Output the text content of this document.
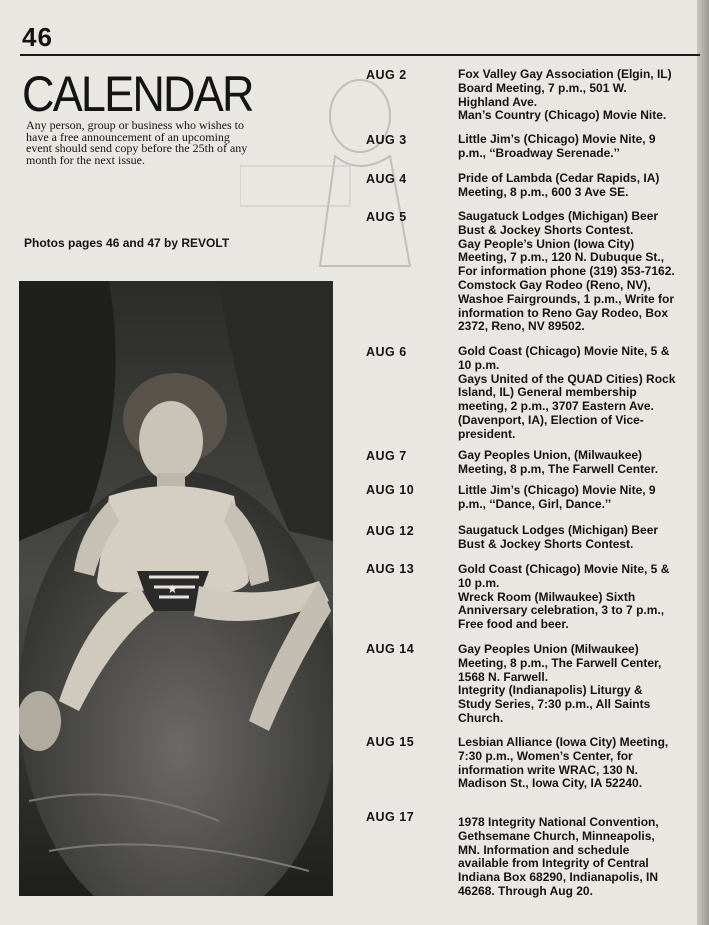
46
CALENDAR
Any person, group or business who wishes to have a free announcement of an upcoming event should send copy before the 25th of any month for the next issue.
Photos pages 46 and 47 by REVOLT
★
AUG 2	Fox Valley Gay Association (Elgin, IL) Board Meeting, 7 p.m., 501 W. Highland Ave.

Man’s Country (Chicago) Movie Nite.

AUG 3	Little Jim’s (Chicago) Movie Nite, 9 p.m., ‘‘Broadway Serenade.’’

AUG 4	Pride of Lambda (Cedar Rapids, IA) Meeting, 8 p.m., 600 3 Ave SE.

AUG 5	Saugatuck Lodges (Michigan) Beer Bust & Jockey Shorts Contest.

Gay People’s Union (Iowa City) Meeting, 7 p.m., 120 N. Dubuque St., For information phone (319) 353-7162.

Comstock Gay Rodeo (Reno, NV), Washoe Fairgrounds, 1 p.m., Write for information to Reno Gay Rodeo, Box 2372, Reno, NV 89502.

AUG 6	Gold Coast (Chicago) Movie Nite, 5 & 10 p.m.

Gays United of the QUAD Cities) Rock Island, IL) General membership meeting, 2 p.m., 3707 Eastern Ave. (Davenport, IA), Election of Vice-president.

AUG 7	Gay Peoples Union, (Milwaukee) Meeting, 8 p.m, The Farwell Center.

AUG 10	Little Jim’s (Chicago) Movie Nite, 9 p.m., ‘‘Dance, Girl, Dance.’’

AUG 12	Saugatuck Lodges (Michigan) Beer Bust & Jockey Shorts Contest.

AUG 13	Gold Coast (Chicago) Movie Nite, 5 & 10 p.m.

Wreck Room (Milwaukee) Sixth Anniversary celebration, 3 to 7 p.m., Free food and beer.

AUG 14	Gay Peoples Union (Milwaukee) Meeting, 8 p.m., The Farwell Center, 1568 N. Farwell.

Integrity (Indianapolis) Liturgy & Study Series, 7:30 p.m., All Saints Church.

AUG 15	Lesbian Alliance (Iowa City) Meeting, 7:30 p.m., Women’s Center, for information write WRAC, 130 N. Madison St., Iowa City, IA 52240.

AUG 17	1978 Integrity National Convention, Gethsemane Church, Minneapolis, MN. Information and schedule available from Integrity of Central Indiana Box 68290, Indianapolis, IN 46268. Through Aug 20.
